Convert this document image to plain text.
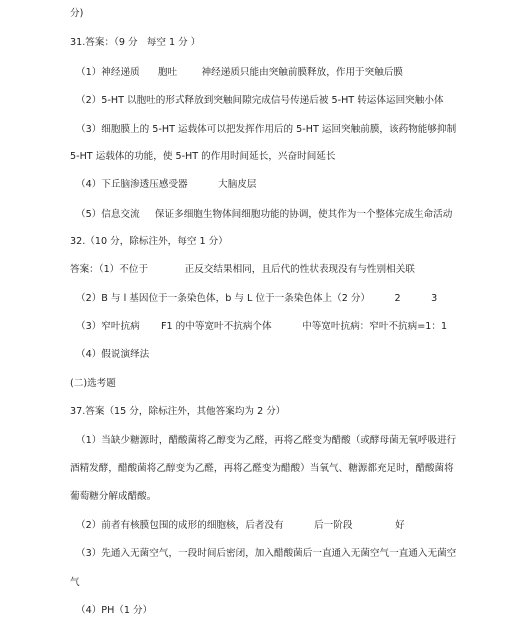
分)
31.答案：（9 分   每空 1 分 ）
（1）神经递质      胞吐        神经递质只能由突触前膜释放，作用于突触后膜
（2）5-HT 以胞吐的形式释放到突触间隙完成信号传递后被 5-HT 转运体运回突触小体
（3）细胞膜上的 5-HT 运载体可以把发挥作用后的 5-HT 运回突触前膜，该药物能够抑制
5-HT 运载体的功能，使 5-HT 的作用时间延长，兴奋时间延长
（4）下丘脑渗透压感受器          大脑皮层
（5）信息交流     保证多细胞生物体间细胞功能的协调，使其作为一个整体完成生命活动
32.（10 分，除标注外，每空 1 分）
答案：（1）不位于            正反交结果相同，且后代的性状表现没有与性别相关联
（2）B 与 l 基因位于一条染色体，b 与 L 位于一条染色体上（2 分）        2          3
（3）窄叶抗病       F1 的中等宽叶不抗病个体          中等宽叶抗病：窄叶不抗病=1：1
（4）假说演绎法
(二)选考题
37.答案（15 分，除标注外，其他答案均为 2 分）
（1）当缺少糖源时，醋酸菌将乙醇变为乙醛，再将乙醛变为醋酸（或酵母菌无氧呼吸进行
酒精发酵，醋酸菌将乙醇变为乙醛，再将乙醛变为醋酸）当氧气、糖源都充足时，醋酸菌将
葡萄糖分解成醋酸。
（2）前者有核膜包围的成形的细胞核，后者没有          后一阶段              好
（3）先通入无菌空气，一段时间后密闭，加入醋酸菌后一直通入无菌空气一直通入无菌空
气
（4）PH（1 分）
